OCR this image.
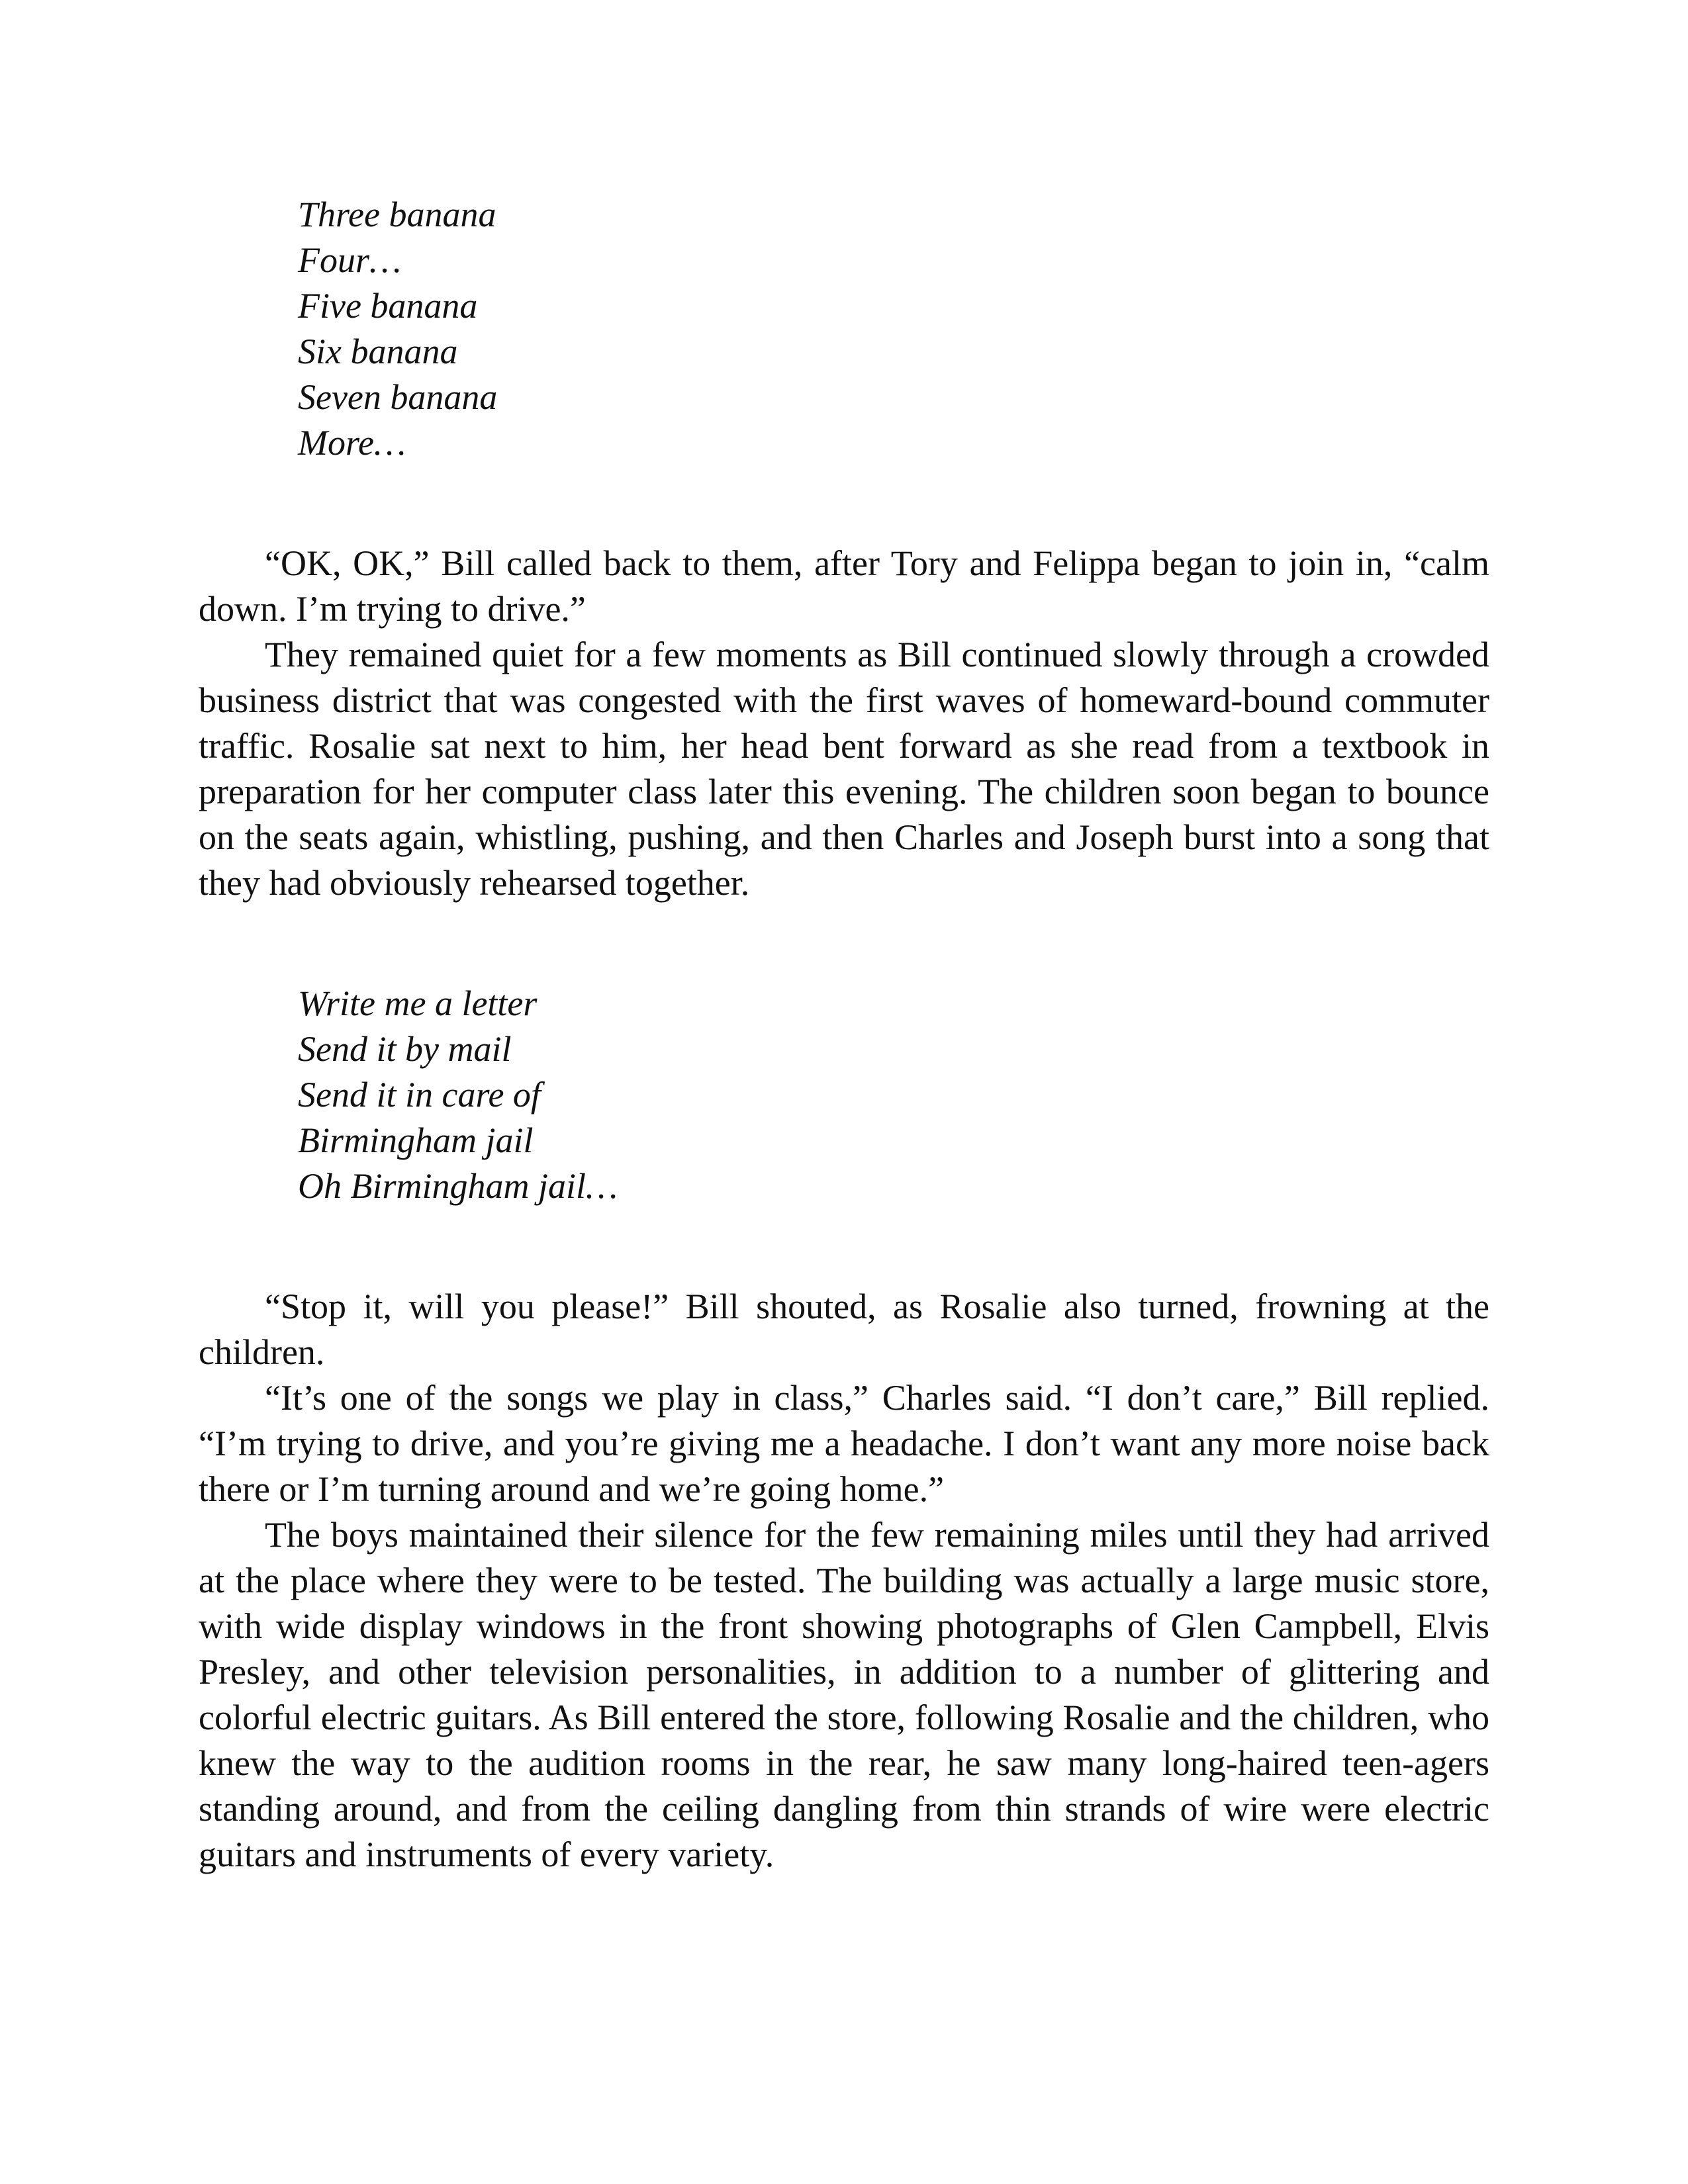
Three banana
Four…
Five banana
Six banana
Seven banana
More…

“OK, OK,” Bill called back to them, after Tory and Felippa began to join in, “calm down. I’m trying to drive.”

They remained quiet for a few moments as Bill continued slowly through a crowded business district that was congested with the first waves of homeward-bound commuter traffic. Rosalie sat next to him, her head bent forward as she read from a textbook in preparation for her computer class later this evening. The children soon began to bounce on the seats again, whistling, pushing, and then Charles and Joseph burst into a song that they had obviously rehearsed together.

Write me a letter
Send it by mail
Send it in care of
Birmingham jail
Oh Birmingham jail…

“Stop it, will you please!” Bill shouted, as Rosalie also turned, frowning at the children.

“It’s one of the songs we play in class,” Charles said. “I don’t care,” Bill replied. “I’m trying to drive, and you’re giving me a headache. I don’t want any more noise back there or I’m turning around and we’re going home.”

The boys maintained their silence for the few remaining miles until they had arrived at the place where they were to be tested. The building was actually a large music store, with wide display windows in the front showing photographs of Glen Campbell, Elvis Presley, and other television personalities, in addition to a number of glittering and colorful electric guitars. As Bill entered the store, following Rosalie and the children, who knew the way to the audition rooms in the rear, he saw many long-haired teen-agers standing around, and from the ceiling dangling from thin strands of wire were electric guitars and instruments of every variety.
